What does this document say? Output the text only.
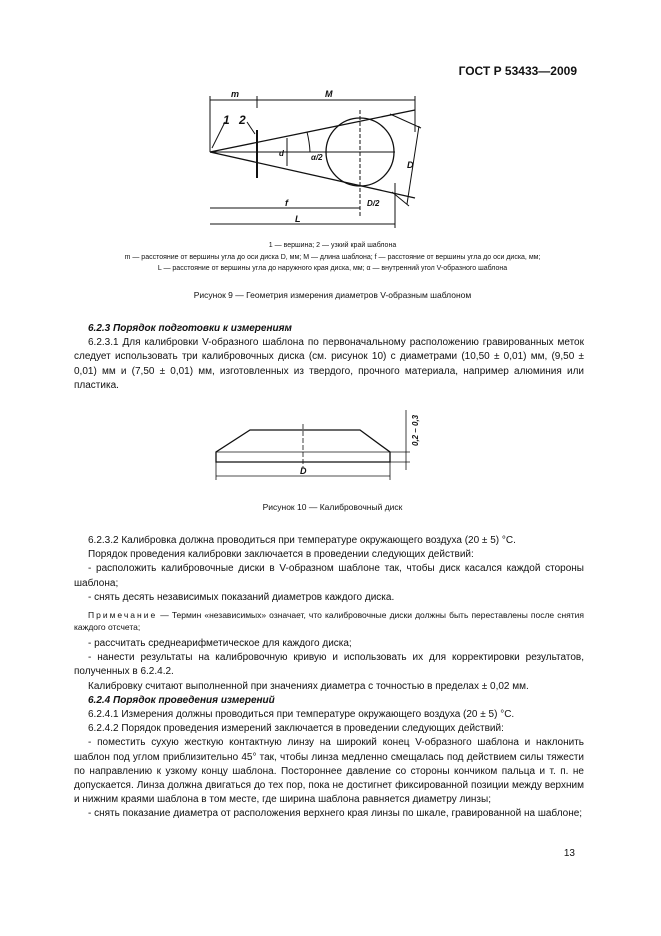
ГОСТ Р 53433—2009
m	M
1 2
d	α/2
D
f	D/2
L
1 — вершина; 2 — узкий край шаблона
m — расстояние от вершины угла до оси диска D, мм; M — длина шаблона; f — расстояние от вершины угла до оси диска, мм;
L — расстояние от вершины угла до наружного края диска, мм; α — внутренний угол V-образного шаблона
Рисунок 9 — Геометрия измерения диаметров V-образным шаблоном

6.2.3 Порядок подготовки к измерениям

6.2.3.1 Для калибровки V-образного шаблона по первоначальному расположению гравированных меток следует использовать три калибровочных диска (см. рисунок 10) с диаметрами (10,50 ± 0,01) мм, (9,50 ± 0,01) мм и (7,50 ± 0,01) мм, изготовленных из твердого, прочного материала, например алюминия или пластика.

D
0,2 – 0,3
Рисунок 10 — Калибровочный диск

6.2.3.2 Калибровка должна проводиться при температуре окружающего воздуха (20 ± 5) °С.

Порядок проведения калибровки заключается в проведении следующих действий:

- расположить калибровочные диски в V-образном шаблоне так, чтобы диск касался каждой стороны шаблона;

- снять десять независимых показаний диаметров каждого диска.

Примечание — Термин «независимых» означает, что калибровочные диски должны быть переставлены после снятия каждого отсчета;

- рассчитать среднеарифметическое для каждого диска;

- нанести результаты на калибровочную кривую и использовать их для корректировки результатов, полученных в 6.2.4.2.

Калибровку считают выполненной при значениях диаметра с точностью в пределах ± 0,02 мм.

6.2.4 Порядок проведения измерений

6.2.4.1 Измерения должны проводиться при температуре окружающего воздуха (20 ± 5) °С.

6.2.4.2 Порядок проведения измерений заключается в проведении следующих действий:

- поместить сухую жесткую контактную линзу на широкий конец V-образного шаблона и наклонить шаблон под углом приблизительно 45° так, чтобы линза медленно смещалась под действием силы тяжести по направлению к узкому концу шаблона. Постороннее давление со стороны кончиком пальца и т. п. не допускается. Линза должна двигаться до тех пор, пока не достигнет фиксированной позиции между верхним и нижним краями шаблона в том месте, где ширина шаблона равняется диаметру линзы;

- снять показание диаметра от расположения верхнего края линзы по шкале, гравированной на шаблоне;

13
